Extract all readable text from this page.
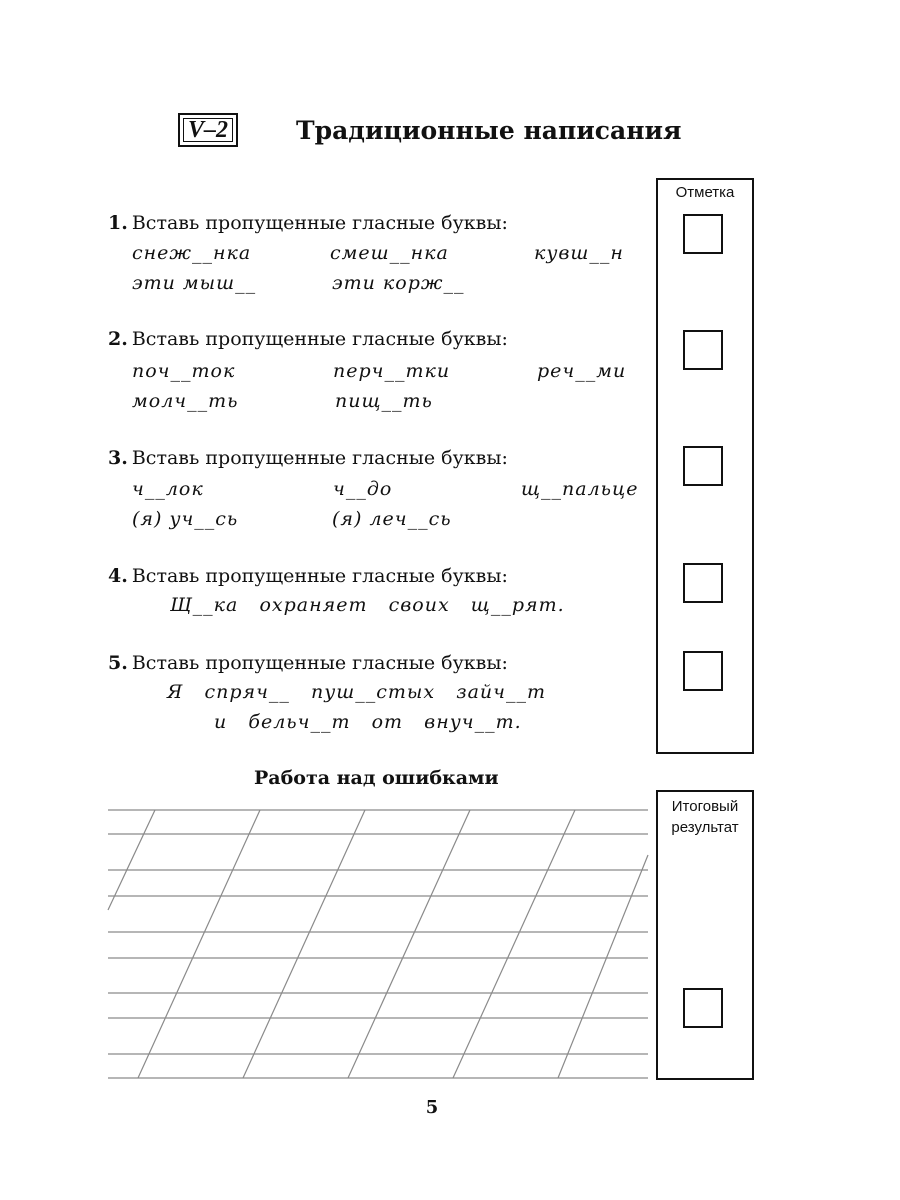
V–2	Традиционные написания
1. Вставь пропущенные гласные буквы:
снеж__нка	смеш__нка	кувш__н
эти мыш__	эти корж__
2. Вставь пропущенные гласные буквы:
поч__ток	перч__тки	реч__ми
молч__ть	пищ__ть
3. Вставь пропущенные гласные буквы:
ч__лок	ч__до	щ__пальце
(я) уч__сь	(я) леч__сь
4. Вставь пропущенные гласные буквы:
Щ__ка   охраняет   своих   щ__рят.
5. Вставь пропущенные гласные буквы:
Я   спряч__   пуш__стых   зайч__т
и   бельч__т   от   внуч__т.
Отметка
Работа над ошибками
Итоговый
результат
5
